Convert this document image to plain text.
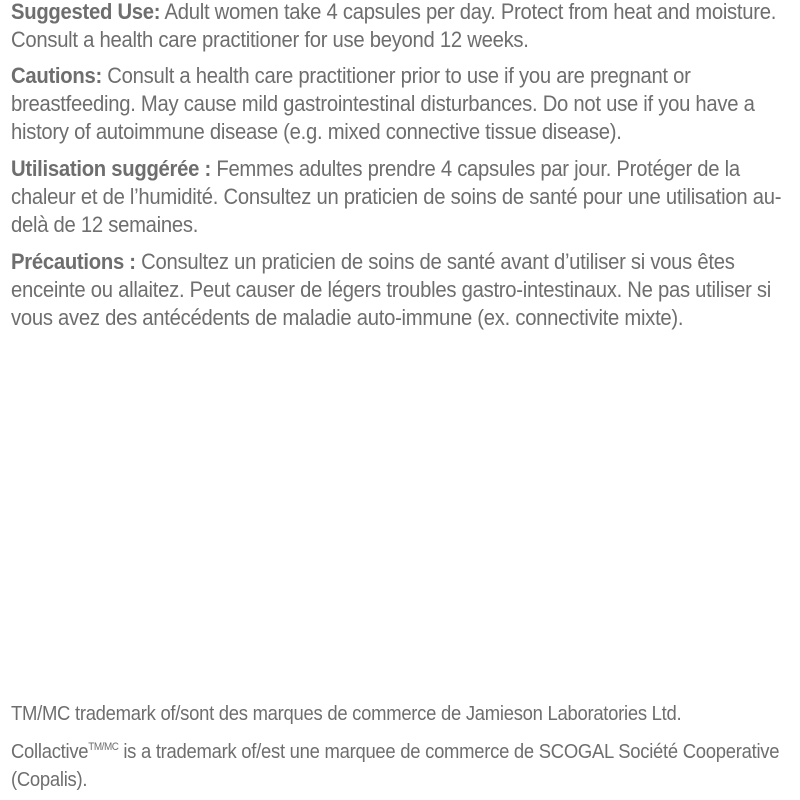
Suggested Use: Adult women take 4 capsules per day. Protect from heat and moisture. Consult a health care practitioner for use beyond 12 weeks.

Cautions: Consult a health care practitioner prior to use if you are pregnant or breastfeeding. May cause mild gastrointestinal disturbances. Do not use if you have a history of autoimmune disease (e.g. mixed connective tissue disease).

Utilisation suggérée : Femmes adultes prendre 4 capsules par jour. Protéger de la chaleur et de l’humidité. Consultez un praticien de soins de santé pour une utilisation au-delà de 12 semaines.

Précautions : Consultez un praticien de soins de santé avant d’utiliser si vous êtes enceinte ou allaitez. Peut causer de légers troubles gastro-intestinaux. Ne pas utiliser si vous avez des antécédents de maladie auto-immune (ex. connectivite mixte).

TM/MC trademark of/sont des marques de commerce de Jamieson Laboratories Ltd.

Collactive$^{TM/MC}$ is a trademark of/est une marquee de commerce de SCOGAL Société Cooperative (Copalis).
